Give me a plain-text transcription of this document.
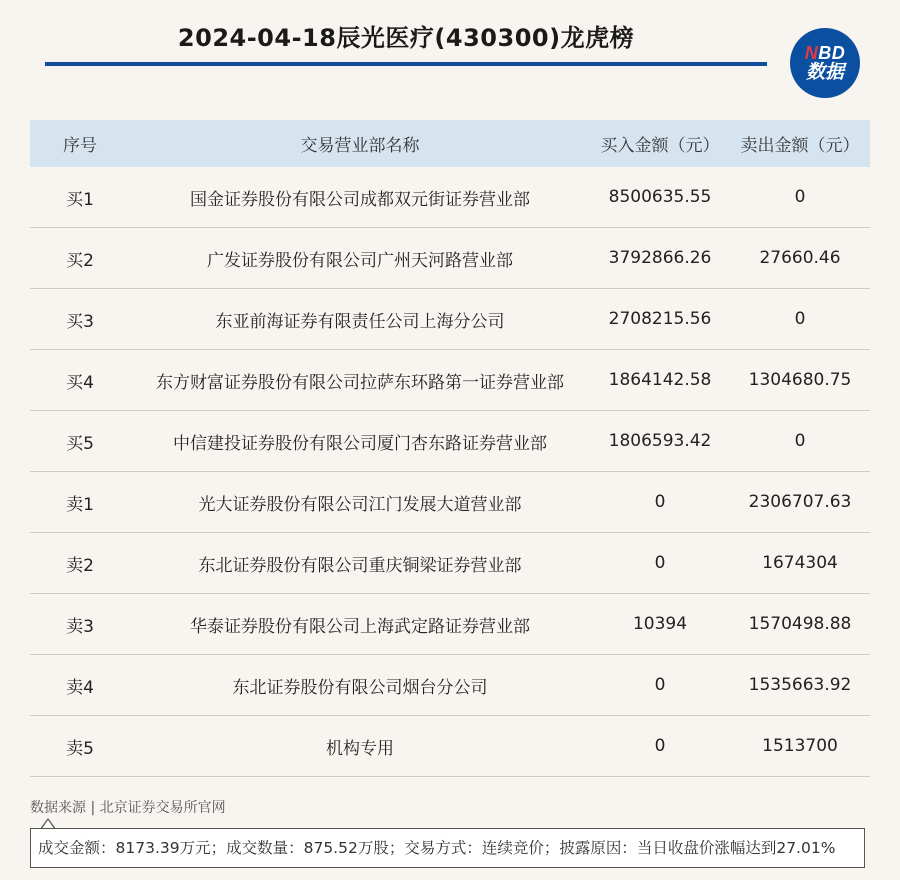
2024-04-18辰光医疗(430300)龙虎榜
NBD
数据
序号	交易营业部名称	买入金额（元）	卖出金额（元）
买1	国金证券股份有限公司成都双元街证券营业部	8500635.55	0
买2	广发证券股份有限公司广州天河路营业部	3792866.26	27660.46
买3	东亚前海证券有限责任公司上海分公司	2708215.56	0
买4	东方财富证券股份有限公司拉萨东环路第一证券营业部	1864142.58	1304680.75
买5	中信建投证券股份有限公司厦门杏东路证券营业部	1806593.42	0
卖1	光大证券股份有限公司江门发展大道营业部	0	2306707.63
卖2	东北证券股份有限公司重庆铜梁证券营业部	0	1674304
卖3	华泰证券股份有限公司上海武定路证券营业部	10394	1570498.88
卖4	东北证券股份有限公司烟台分公司	0	1535663.92
卖5	机构专用	0	1513700
数据来源 | 北京证券交易所官网
成交金额：8173.39万元；成交数量：875.52万股；交易方式：连续竞价；披露原因：当日收盘价涨幅达到27.01%
